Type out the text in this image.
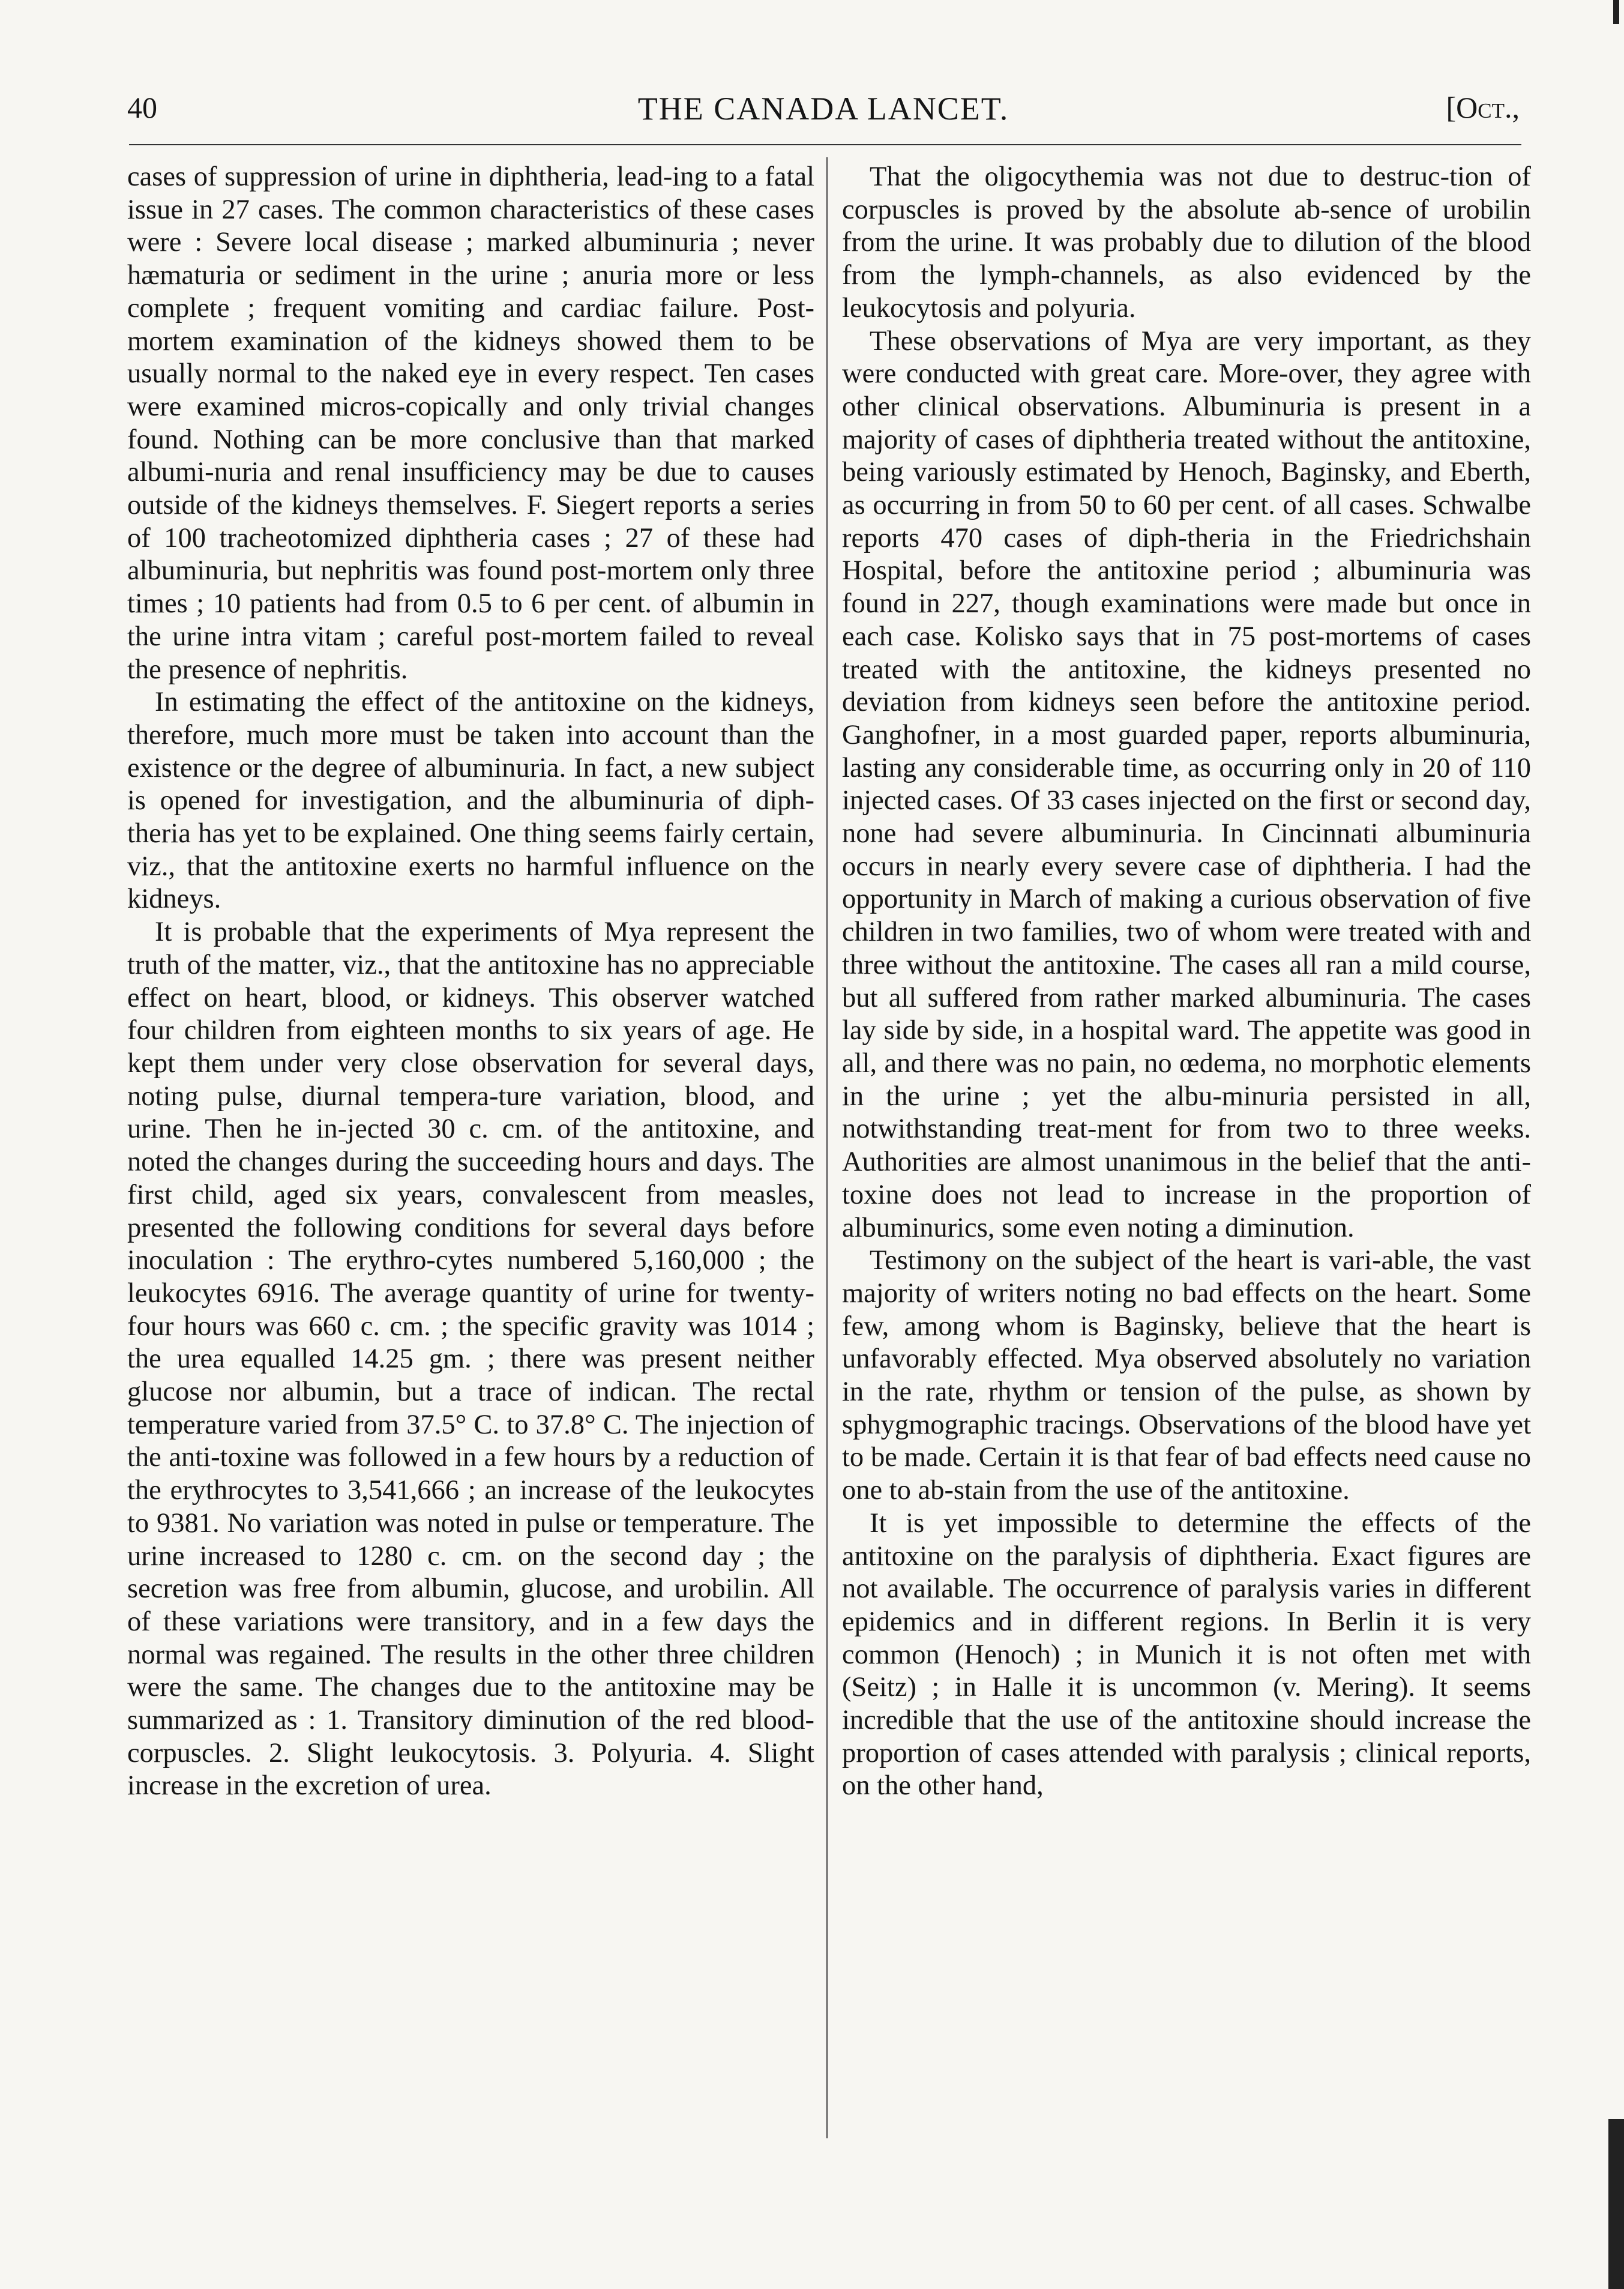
40	THE CANADA LANCET.	[Oct.,

cases of suppression of urine in diphtheria, lead-ing to a fatal issue in 27 cases. The common characteristics of these cases were : Severe local disease ; marked albuminuria ; never hæmaturia or sediment in the urine ; anuria more or less complete ; frequent vomiting and cardiac failure. Post-mortem examination of the kidneys showed them to be usually normal to the naked eye in every respect. Ten cases were examined micros-copically and only trivial changes found. Nothing can be more conclusive than that marked albumi-nuria and renal insufficiency may be due to causes outside of the kidneys themselves. F. Siegert reports a series of 100 tracheotomized diphtheria cases ; 27 of these had albuminuria, but nephritis was found post-mortem only three times ; 10 patients had from 0.5 to 6 per cent. of albumin in the urine intra vitam ; careful post-mortem failed to reveal the presence of nephritis.

In estimating the effect of the antitoxine on the kidneys, therefore, much more must be taken into account than the existence or the degree of albuminuria. In fact, a new subject is opened for investigation, and the albuminuria of diph-theria has yet to be explained. One thing seems fairly certain, viz., that the antitoxine exerts no harmful influence on the kidneys.

It is probable that the experiments of Mya represent the truth of the matter, viz., that the antitoxine has no appreciable effect on heart, blood, or kidneys. This observer watched four children from eighteen months to six years of age. He kept them under very close observation for several days, noting pulse, diurnal tempera-ture variation, blood, and urine. Then he in-jected 30 c. cm. of the antitoxine, and noted the changes during the succeeding hours and days. The first child, aged six years, convalescent from measles, presented the following conditions for several days before inoculation : The erythro-cytes numbered 5,160,000 ; the leukocytes 6916. The average quantity of urine for twenty-four hours was 660 c. cm. ; the specific gravity was 1014 ; the urea equalled 14.25 gm. ; there was present neither glucose nor albumin, but a trace of indican. The rectal temperature varied from 37.5° C. to 37.8° C. The injection of the anti-toxine was followed in a few hours by a reduction of the erythrocytes to 3,541,666 ; an increase of the leukocytes to 9381. No variation was noted in pulse or temperature. The urine increased to 1280 c. cm. on the second day ; the secretion was free from albumin, glucose, and urobilin. All of these variations were transitory, and in a few days the normal was regained. The results in the other three children were the same. The changes due to the antitoxine may be summarized as : 1. Transitory diminution of the red blood-corpuscles. 2. Slight leukocytosis. 3. Polyuria. 4. Slight increase in the excretion of urea.

That the oligocythemia was not due to destruc-tion of corpuscles is proved by the absolute ab-sence of urobilin from the urine. It was probably due to dilution of the blood from the lymph-channels, as also evidenced by the leukocytosis and polyuria.

These observations of Mya are very important, as they were conducted with great care. More-over, they agree with other clinical observations. Albuminuria is present in a majority of cases of diphtheria treated without the antitoxine, being variously estimated by Henoch, Baginsky, and Eberth, as occurring in from 50 to 60 per cent. of all cases. Schwalbe reports 470 cases of diph-theria in the Friedrichshain Hospital, before the antitoxine period ; albuminuria was found in 227, though examinations were made but once in each case. Kolisko says that in 75 post-mortems of cases treated with the antitoxine, the kidneys presented no deviation from kidneys seen before the antitoxine period. Ganghofner, in a most guarded paper, reports albuminuria, lasting any considerable time, as occurring only in 20 of 110 injected cases. Of 33 cases injected on the first or second day, none had severe albuminuria. In Cincinnati albuminuria occurs in nearly every severe case of diphtheria. I had the opportunity in March of making a curious observation of five children in two families, two of whom were treated with and three without the antitoxine. The cases all ran a mild course, but all suffered from rather marked albuminuria. The cases lay side by side, in a hospital ward. The appetite was good in all, and there was no pain, no œdema, no morphotic elements in the urine ; yet the albu-minuria persisted in all, notwithstanding treat-ment for from two to three weeks. Authorities are almost unanimous in the belief that the anti-toxine does not lead to increase in the proportion of albuminurics, some even noting a diminution.

Testimony on the subject of the heart is vari-able, the vast majority of writers noting no bad effects on the heart. Some few, among whom is Baginsky, believe that the heart is unfavorably effected. Mya observed absolutely no variation in the rate, rhythm or tension of the pulse, as shown by sphygmographic tracings. Observations of the blood have yet to be made. Certain it is that fear of bad effects need cause no one to ab-stain from the use of the antitoxine.

It is yet impossible to determine the effects of the antitoxine on the paralysis of diphtheria. Exact figures are not available. The occurrence of paralysis varies in different epidemics and in different regions. In Berlin it is very common (Henoch) ; in Munich it is not often met with (Seitz) ; in Halle it is uncommon (v. Mering). It seems incredible that the use of the antitoxine should increase the proportion of cases attended with paralysis ; clinical reports, on the other hand,
